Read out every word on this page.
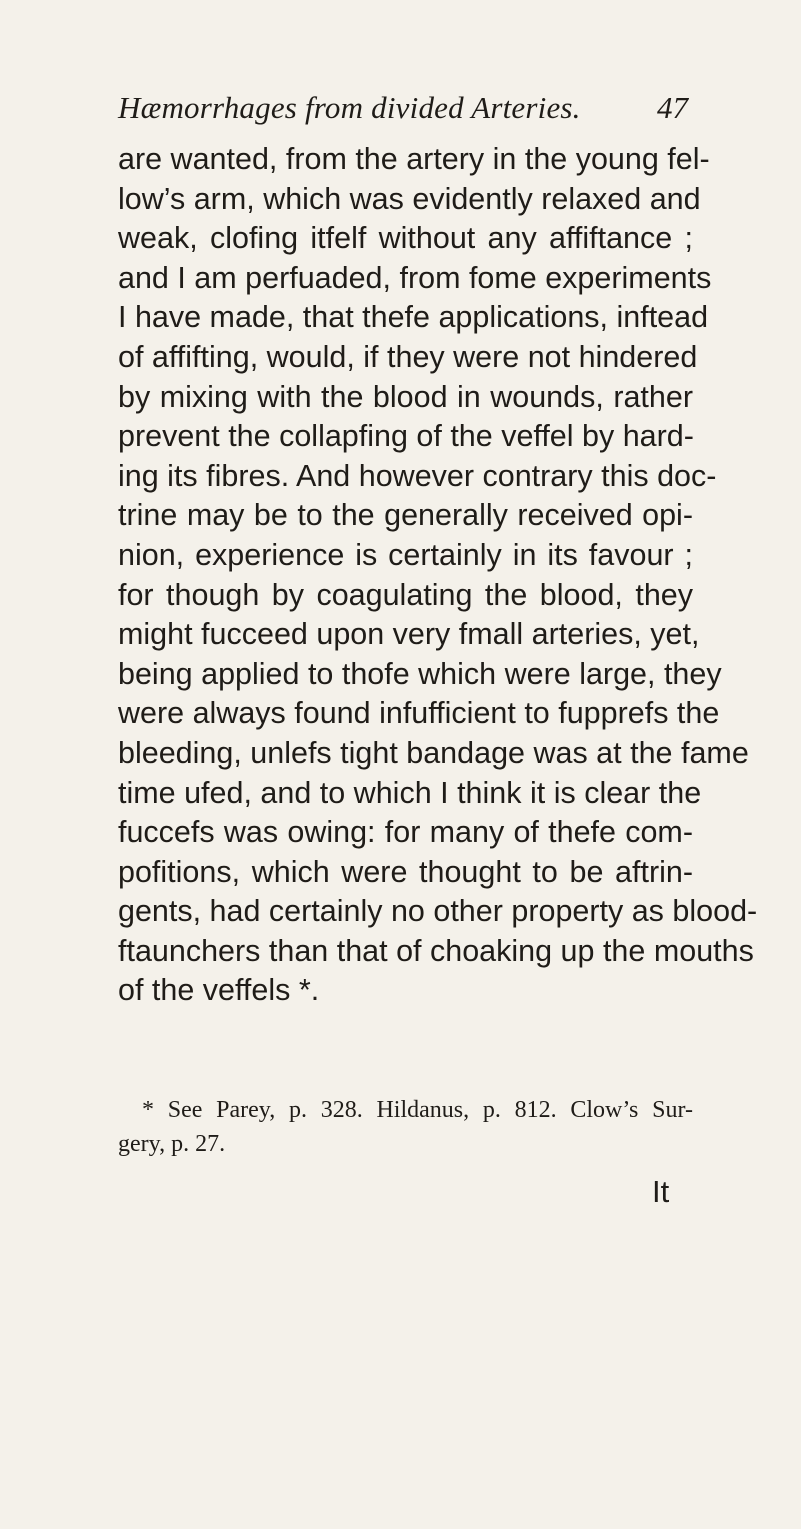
Hæmorrhages from divided Arteries. 47
are wanted, from the artery in the young fel-
low’s arm, which was evidently relaxed and
weak, clofing itfelf without any affiftance ;
and I am perfuaded, from fome experiments
I have made, that thefe applications, inftead
of affifting, would, if they were not hindered
by mixing with the blood in wounds, rather
prevent the collapfing of the veffel by hard-
ing its fibres. And however contrary this doc-
trine may be to the generally received opi-
nion, experience is certainly in its favour ;
for though by coagulating the blood, they
might fucceed upon very fmall arteries, yet,
being applied to thofe which were large, they
were always found infufficient to fupprefs the
bleeding, unlefs tight bandage was at the fame
time ufed, and to which I think it is clear the
fuccefs was owing: for many of thefe com-
pofitions, which were thought to be aftrin-
gents, had certainly no other property as blood-
ftaunchers than that of choaking up the mouths
of the veffels *.
* See Parey, p. 328. Hildanus, p. 812. Clow’s Sur-
gery, p. 27.
It
